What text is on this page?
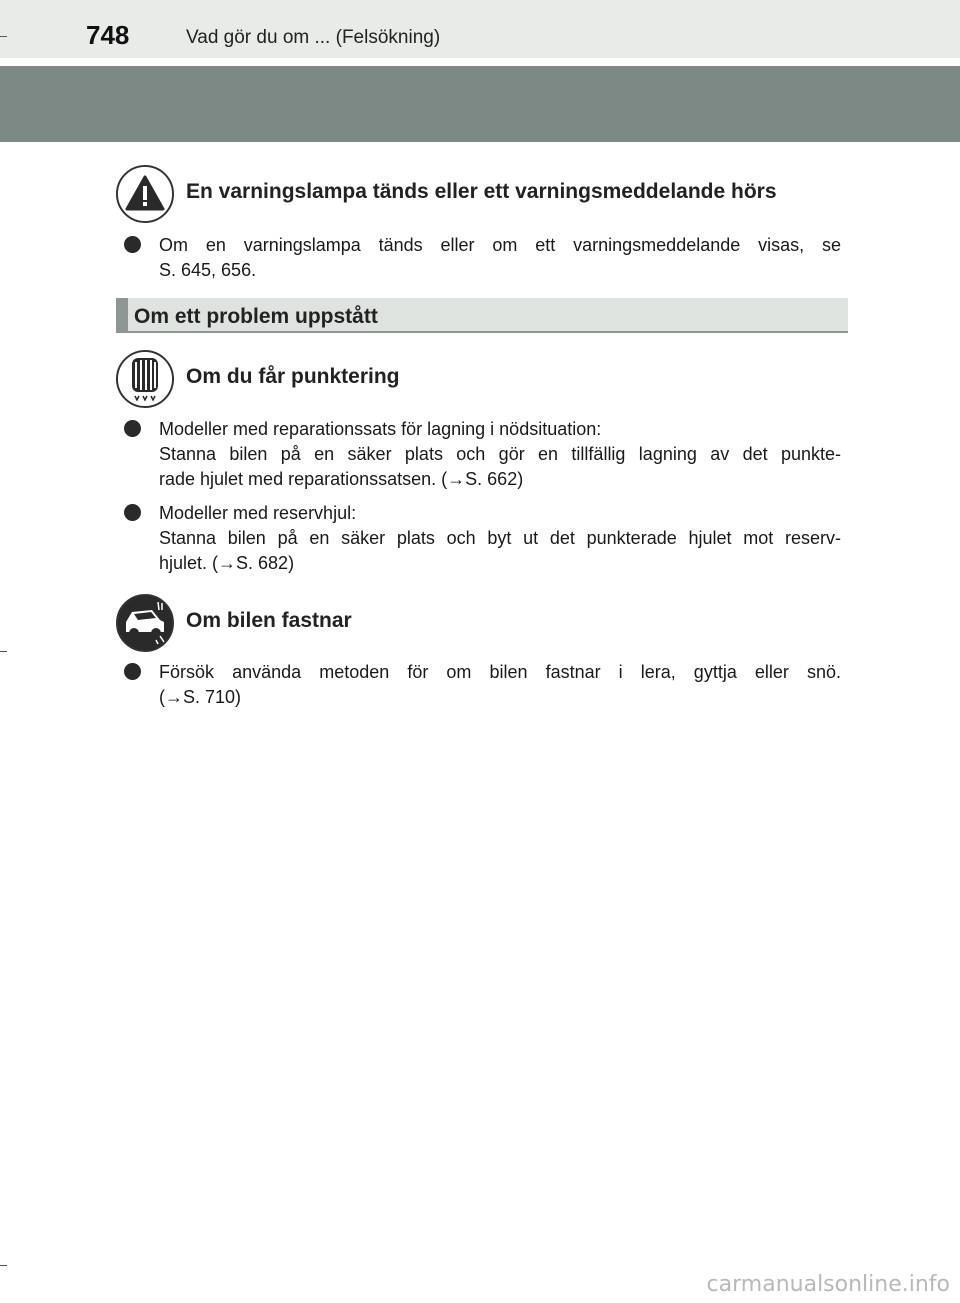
748	Vad gör du om ... (Felsökning)
En varningslampa tänds eller ett varningsmeddelande hörs
Om en varningslampa tänds eller om ett varningsmeddelande visas, se
S. 645, 656.
Om ett problem uppstått
Om du får punktering
Modeller med reparationssats för lagning i nödsituation:
Stanna bilen på en säker plats och gör en tillfällig lagning av det punkte-
rade hjulet med reparationssatsen. (→S. 662)
Modeller med reservhjul:
Stanna bilen på en säker plats och byt ut det punkterade hjulet mot reserv-
hjulet. (→S. 682)
Om bilen fastnar
Försök använda metoden för om bilen fastnar i lera, gyttja eller snö.
(→S. 710)
carmanualsonline.info
